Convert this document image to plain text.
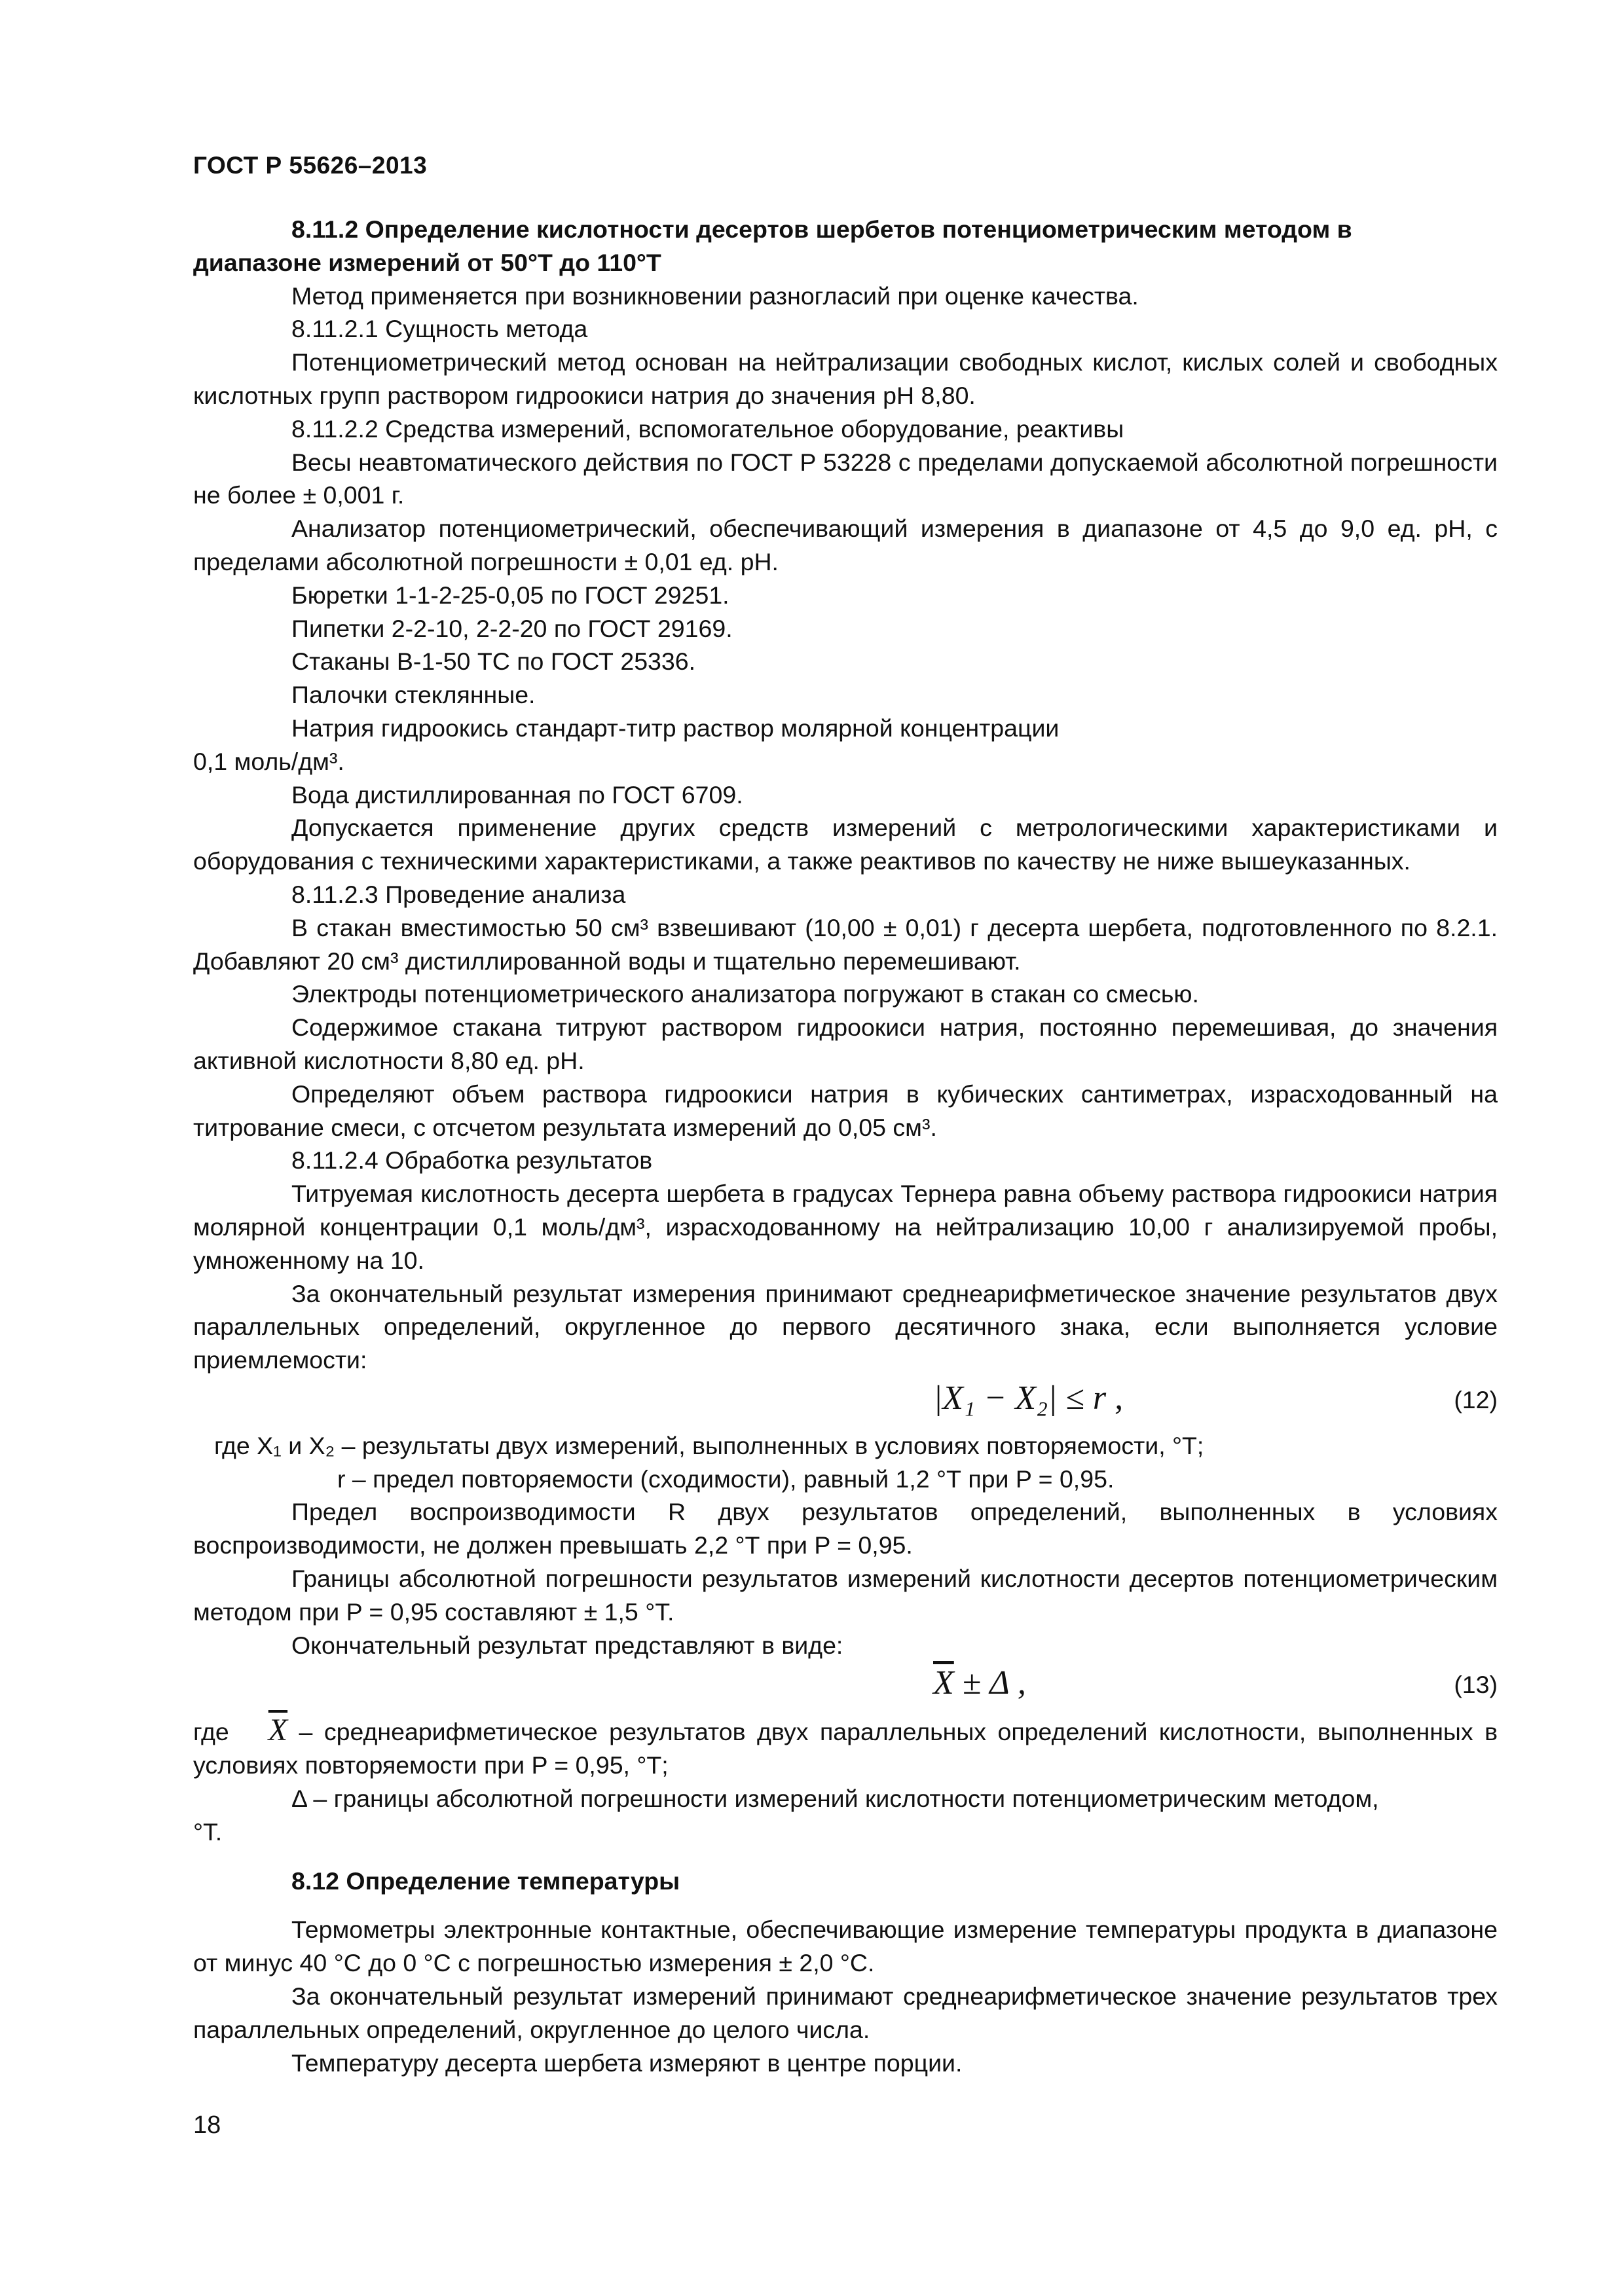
ГОСТ Р 55626–2013

8.11.2 Определение кислотности десертов шербетов потенциометрическим методом в

диапазоне измерений от 50°Т до 110°Т

Метод применяется при возникновении разногласий при оценке качества.

8.11.2.1 Сущность метода

Потенциометрический метод основан на нейтрализации свободных кислот, кислых солей и свободных кислотных групп раствором гидроокиси натрия до значения pH 8,80.

8.11.2.2 Средства измерений, вспомогательное оборудование, реактивы

Весы неавтоматического действия по ГОСТ Р 53228 с пределами допускаемой абсолютной погрешности не более ± 0,001 г.

Анализатор потенциометрический, обеспечивающий измерения в диапазоне от 4,5 до 9,0 ед. pH, с пределами абсолютной погрешности ± 0,01 ед. pH.

Бюретки 1-1-2-25-0,05 по ГОСТ 29251.

Пипетки 2-2-10, 2-2-20 по ГОСТ 29169.

Стаканы В-1-50 ТС по ГОСТ 25336.

Палочки стеклянные.

Натрия гидроокись стандарт-титр раствор молярной концентрации

0,1 моль/дм³.

Вода дистиллированная по ГОСТ 6709.

Допускается применение других средств измерений с метрологическими характеристиками и оборудования с техническими характеристиками, а также реактивов по качеству не ниже вышеуказанных.

8.11.2.3 Проведение анализа

В стакан вместимостью 50 см³ взвешивают (10,00 ± 0,01) г десерта шербета, подготовленного по 8.2.1. Добавляют 20 см³ дистиллированной воды и тщательно перемешивают.

Электроды потенциометрического анализатора погружают в стакан со смесью.

Содержимое стакана титруют раствором гидроокиси натрия, постоянно перемешивая, до значения активной кислотности 8,80 ед. pH.

Определяют объем раствора гидроокиси натрия в кубических сантиметрах, израсходованный на титрование смеси, с отсчетом результата измерений до 0,05 см³.

8.11.2.4 Обработка результатов

Титруемая кислотность десерта шербета в градусах Тернера равна объему раствора гидроокиси натрия молярной концентрации 0,1 моль/дм³, израсходованному на нейтрализацию 10,00 г анализируемой пробы, умноженному на 10.

За окончательный результат измерения принимают среднеарифметическое значение результатов двух параллельных определений, округленное до первого десятичного знака, если выполняется условие приемлемости:

|X₁ − X₂| ≤ r ,	(12)

где X₁ и X₂ – результаты двух измерений, выполненных в условиях повторяемости, °Т;

r – предел повторяемости (сходимости), равный 1,2 °Т при P = 0,95.

Предел воспроизводимости R двух результатов определений, выполненных в условиях воспроизводимости, не должен превышать 2,2 °Т при P = 0,95.

Границы абсолютной погрешности результатов измерений кислотности десертов потенциометрическим методом при P = 0,95 составляют ± 1,5 °Т.

Окончательный результат представляют в виде:

$\overline{X} \pm \Delta$ ,	(13)

где $\overline{X}$ – среднеарифметическое результатов двух параллельных определений кислотности, выполненных в условиях повторяемости при P = 0,95, °Т;

Δ – границы абсолютной погрешности измерений кислотности потенциометрическим методом,

°Т.

8.12 Определение температуры

Термометры электронные контактные, обеспечивающие измерение температуры продукта в диапазоне от минус 40 °С до 0 °С с погрешностью измерения ± 2,0 °С.

За окончательный результат измерений принимают среднеарифметическое значение результатов трех параллельных определений, округленное до целого числа.

Температуру десерта шербета измеряют в центре порции.

18
